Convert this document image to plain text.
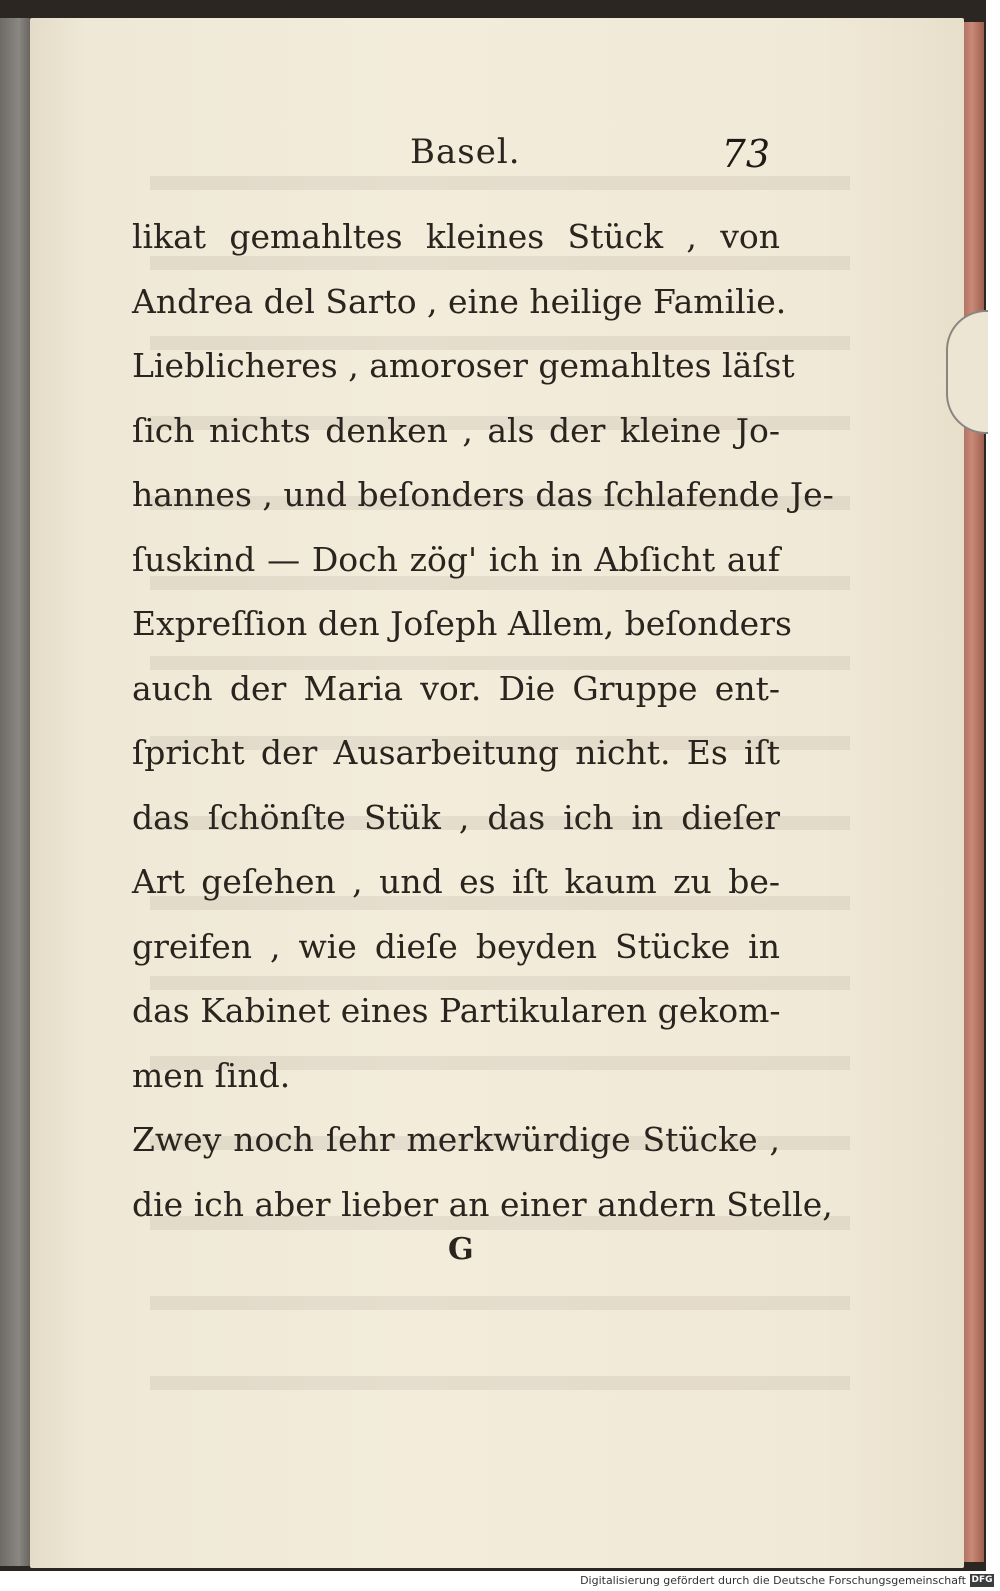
Basel.	73
likat gemahltes kleines Stück , von
Andrea del Sarto , eine heilige Familie.
Lieblicheres , amoroser gemahltes läſst
ſich nichts denken , als der kleine Jo-
hannes , und beſonders das ſchlafende Je-
ſuskind — Doch zög' ich in Abſicht auf
Expreſſion den Joſeph Allem, beſonders
auch der Maria vor. Die Gruppe ent-
ſpricht der Ausarbeitung nicht. Es iſt
das ſchönſte Stük , das ich in dieſer
Art geſehen , und es iſt kaum zu be-
greifen , wie dieſe beyden Stücke in
das Kabinet eines Partikularen gekom-
men ſind.
Zwey noch ſehr merkwürdige Stücke ,
die ich aber lieber an einer andern Stelle,
G
Digitalisierung gefördert durch die Deutsche Forschungsgemeinschaft DFG
